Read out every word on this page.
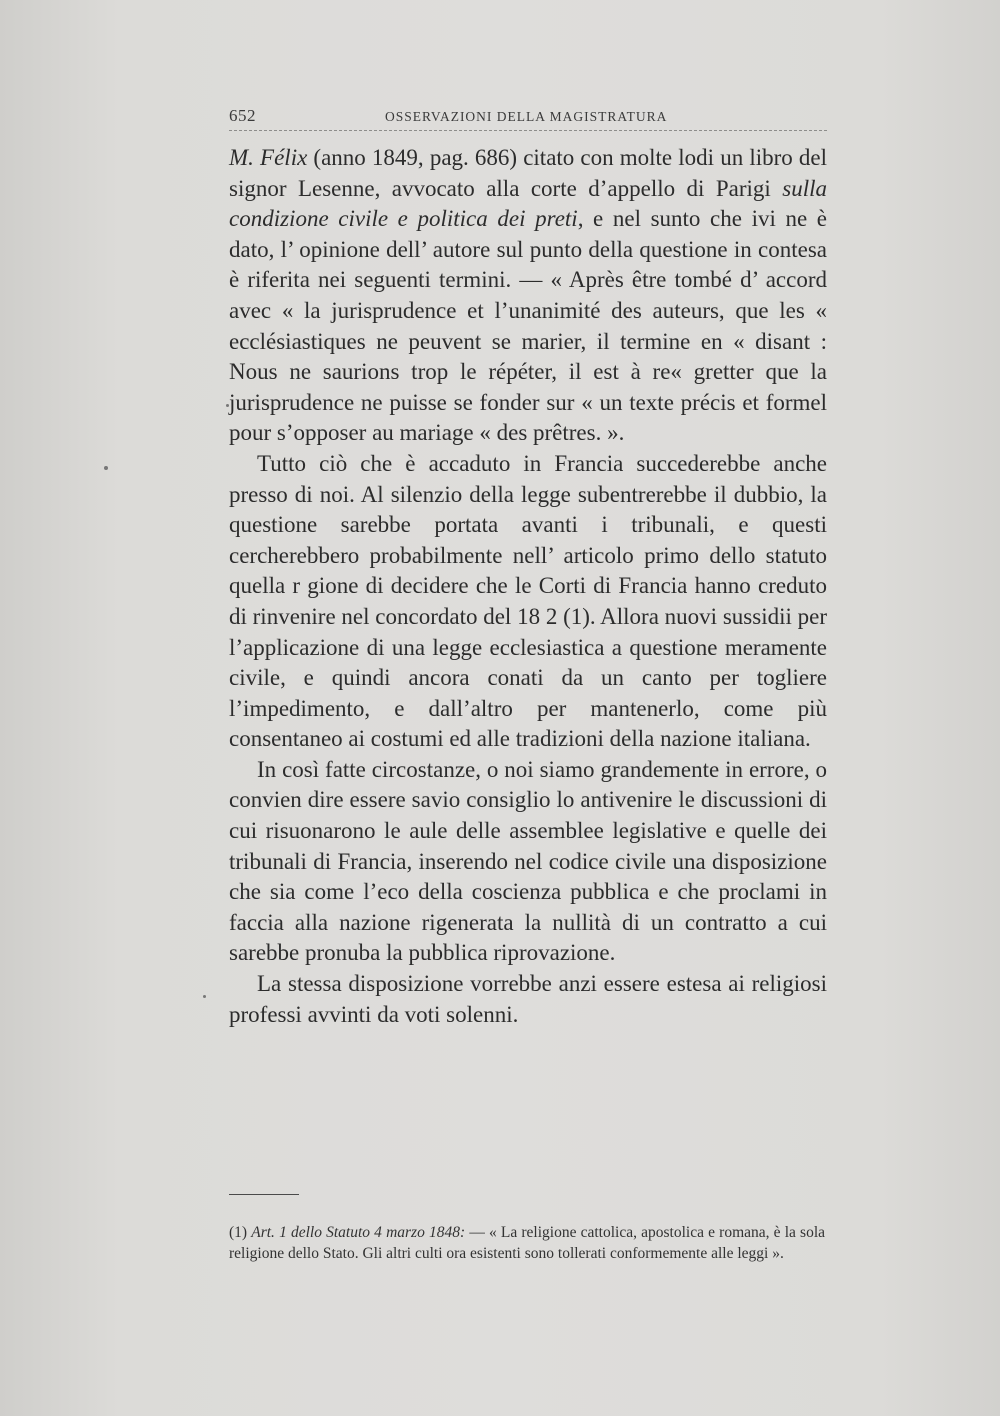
652	OSSERVAZIONI DELLA MAGISTRATURA

M. Félix (anno 1849, pag. 686) citato con molte lodi un libro del signor Lesenne, avvocato alla corte d’appello di Parigi sulla condizione civile e politica dei preti, e nel sunto che ivi ne è dato, l’ opinione dell’ autore sul punto della questione in contesa è riferita nei seguenti termini. — « Après être tombé d’ accord avec « la jurisprudence et l’unanimité des auteurs, que les « ecclésiastiques ne peuvent se marier, il termine en « disant : Nous ne saurions trop le répéter, il est à re« gretter que la jurisprudence ne puisse se fonder sur « un texte précis et formel pour s’opposer au mariage « des prêtres. ».

Tutto ciò che è accaduto in Francia succederebbe anche presso di noi. Al silenzio della legge subentrerebbe il dubbio, la questione sarebbe portata avanti i tribunali, e questi cercherebbero probabilmente nell’ articolo primo dello statuto quella r gione di decidere che le Corti di Francia hanno creduto di rinvenire nel concordato del 18 2 (1). Allora nuovi sussidii per l’applicazione di una legge ecclesiastica a questione meramente civile, e quindi ancora conati da un canto per togliere l’impedimento, e dall’altro per mantenerlo, come più consentaneo ai costumi ed alle tradizioni della nazione italiana.

In così fatte circostanze, o noi siamo grandemente in errore, o convien dire essere savio consiglio lo antivenire le discussioni di cui risuonarono le aule delle assemblee legislative e quelle dei tribunali di Francia, inserendo nel codice civile una disposizione che sia come l’eco della coscienza pubblica e che proclami in faccia alla nazione rigenerata la nullità di un contratto a cui sarebbe pronuba la pubblica riprovazione.

La stessa disposizione vorrebbe anzi essere estesa ai religiosi professi avvinti da voti solenni.

(1) Art. 1 dello Statuto 4 marzo 1848: — « La religione cattolica, apostolica e romana, è la sola religione dello Stato. Gli altri culti ora esistenti sono tollerati conformemente alle leggi ».
